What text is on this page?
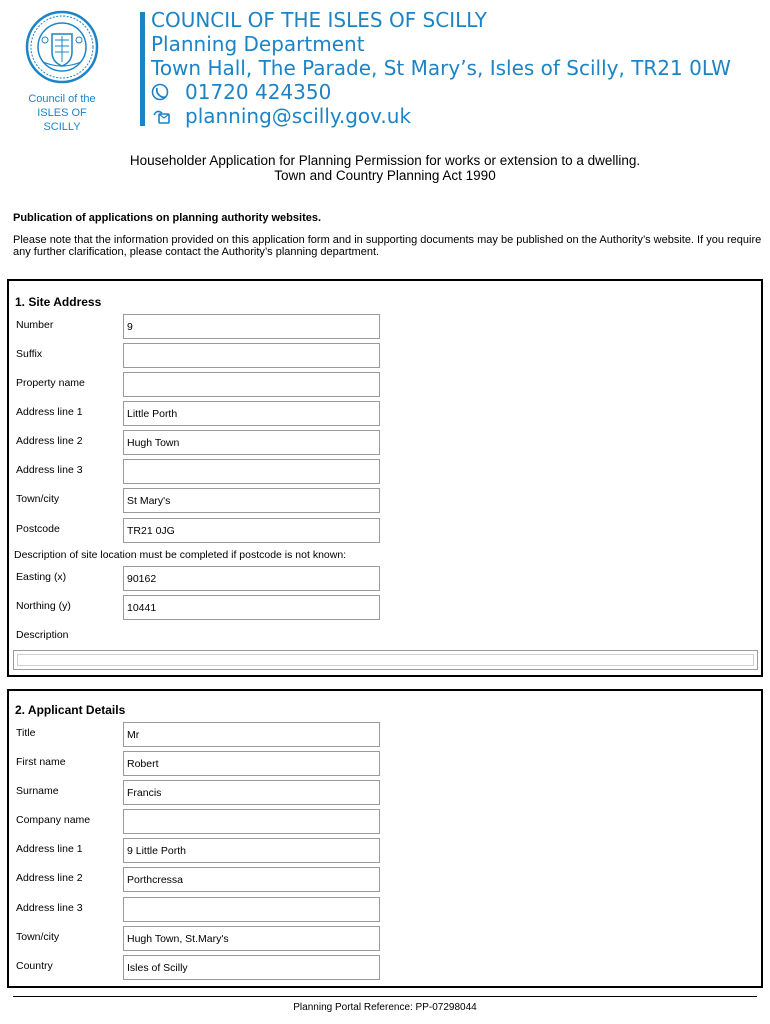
Council of the
ISLES OF SCILLY
COUNCIL OF THE ISLES OF SCILLY
Planning Department
Town Hall, The Parade, St Mary’s, Isles of Scilly, TR21 0LW
01720 424350
planning@scilly.gov.uk
Householder Application for Planning Permission for works or extension to a dwelling.
Town and Country Planning Act 1990
Publication of applications on planning authority websites.
Please note that the information provided on this application form and in supporting documents may be published on the Authority’s website. If you require any further clarification, please contact the Authority’s planning department.
1. Site Address
Number	9
Suffix
Property name
Address line 1	Little Porth
Address line 2	Hugh Town
Address line 3
Town/city	St Mary's
Postcode	TR21 0JG
Description of site location must be completed if postcode is not known:
Easting (x)	90162
Northing (y)	10441
Description
2. Applicant Details
Title	Mr
First name	Robert
Surname	Francis
Company name
Address line 1	9 Little Porth
Address line 2	Porthcressa
Address line 3
Town/city	Hugh Town, St.Mary's
Country	Isles of Scilly
Planning Portal Reference: PP-07298044
